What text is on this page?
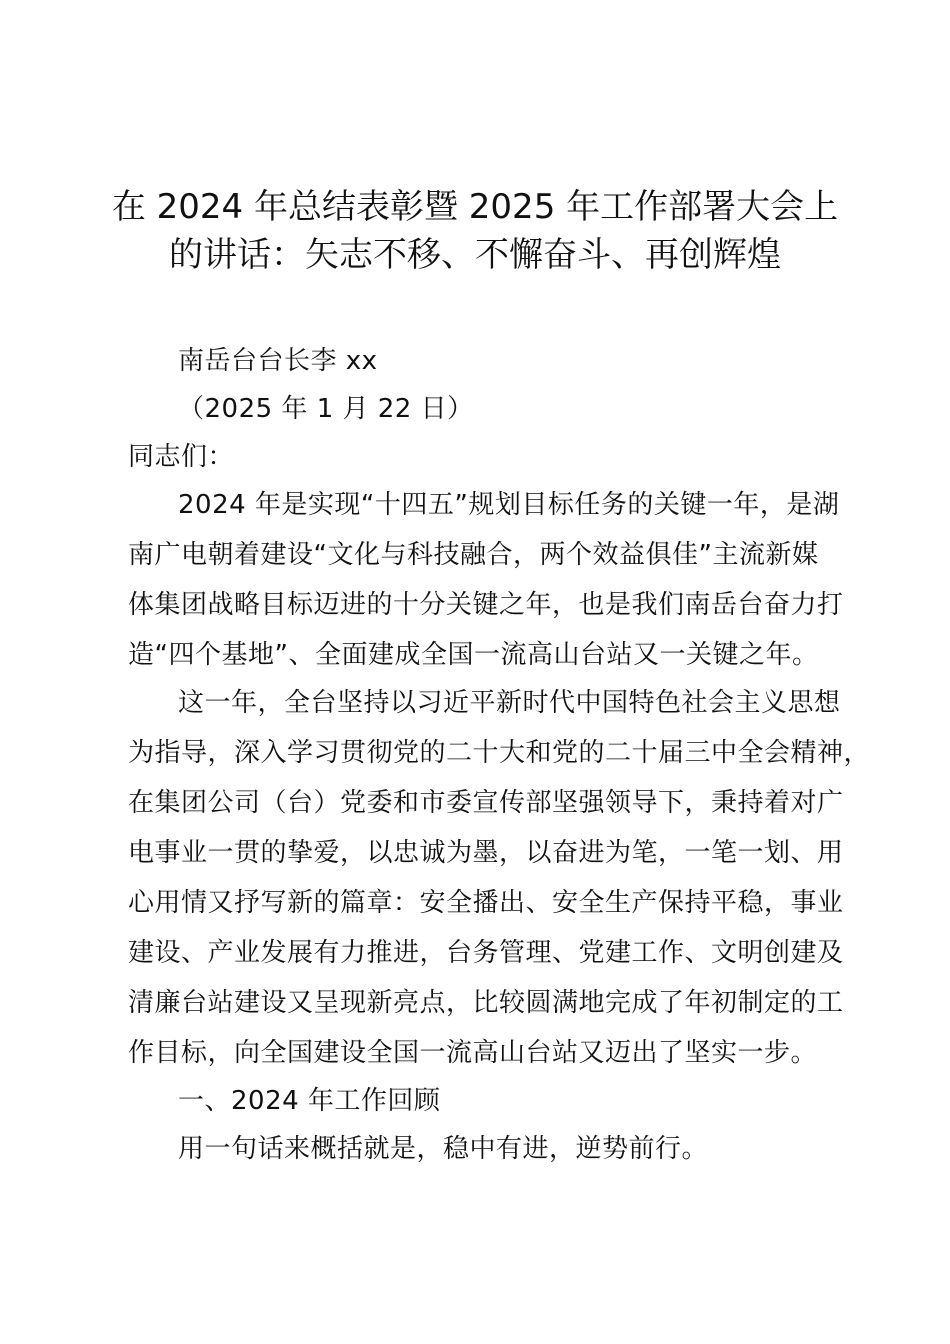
在 2024 年总结表彰暨 2025 年工作部署大会上
的讲话：矢志不移、不懈奋斗、再创辉煌
南岳台台长李 xx
（2025 年 1 月 22 日）
同志们：
2024 年是实现“十四五”规划目标任务的关键一年，是湖
南广电朝着建设“文化与科技融合，两个效益俱佳”主流新媒
体集团战略目标迈进的十分关键之年，也是我们南岳台奋力打
造“四个基地”、全面建成全国一流高山台站又一关键之年。
这一年，全台坚持以习近平新时代中国特色社会主义思想
为指导，深入学习贯彻党的二十大和党的二十届三中全会精神，
在集团公司（台）党委和市委宣传部坚强领导下，秉持着对广
电事业一贯的挚爱，以忠诚为墨，以奋进为笔，一笔一划、用
心用情又抒写新的篇章：安全播出、安全生产保持平稳，事业
建设、产业发展有力推进，台务管理、党建工作、文明创建及
清廉台站建设又呈现新亮点，比较圆满地完成了年初制定的工
作目标，向全国建设全国一流高山台站又迈出了坚实一步。
一、2024 年工作回顾
用一句话来概括就是，稳中有进，逆势前行。
